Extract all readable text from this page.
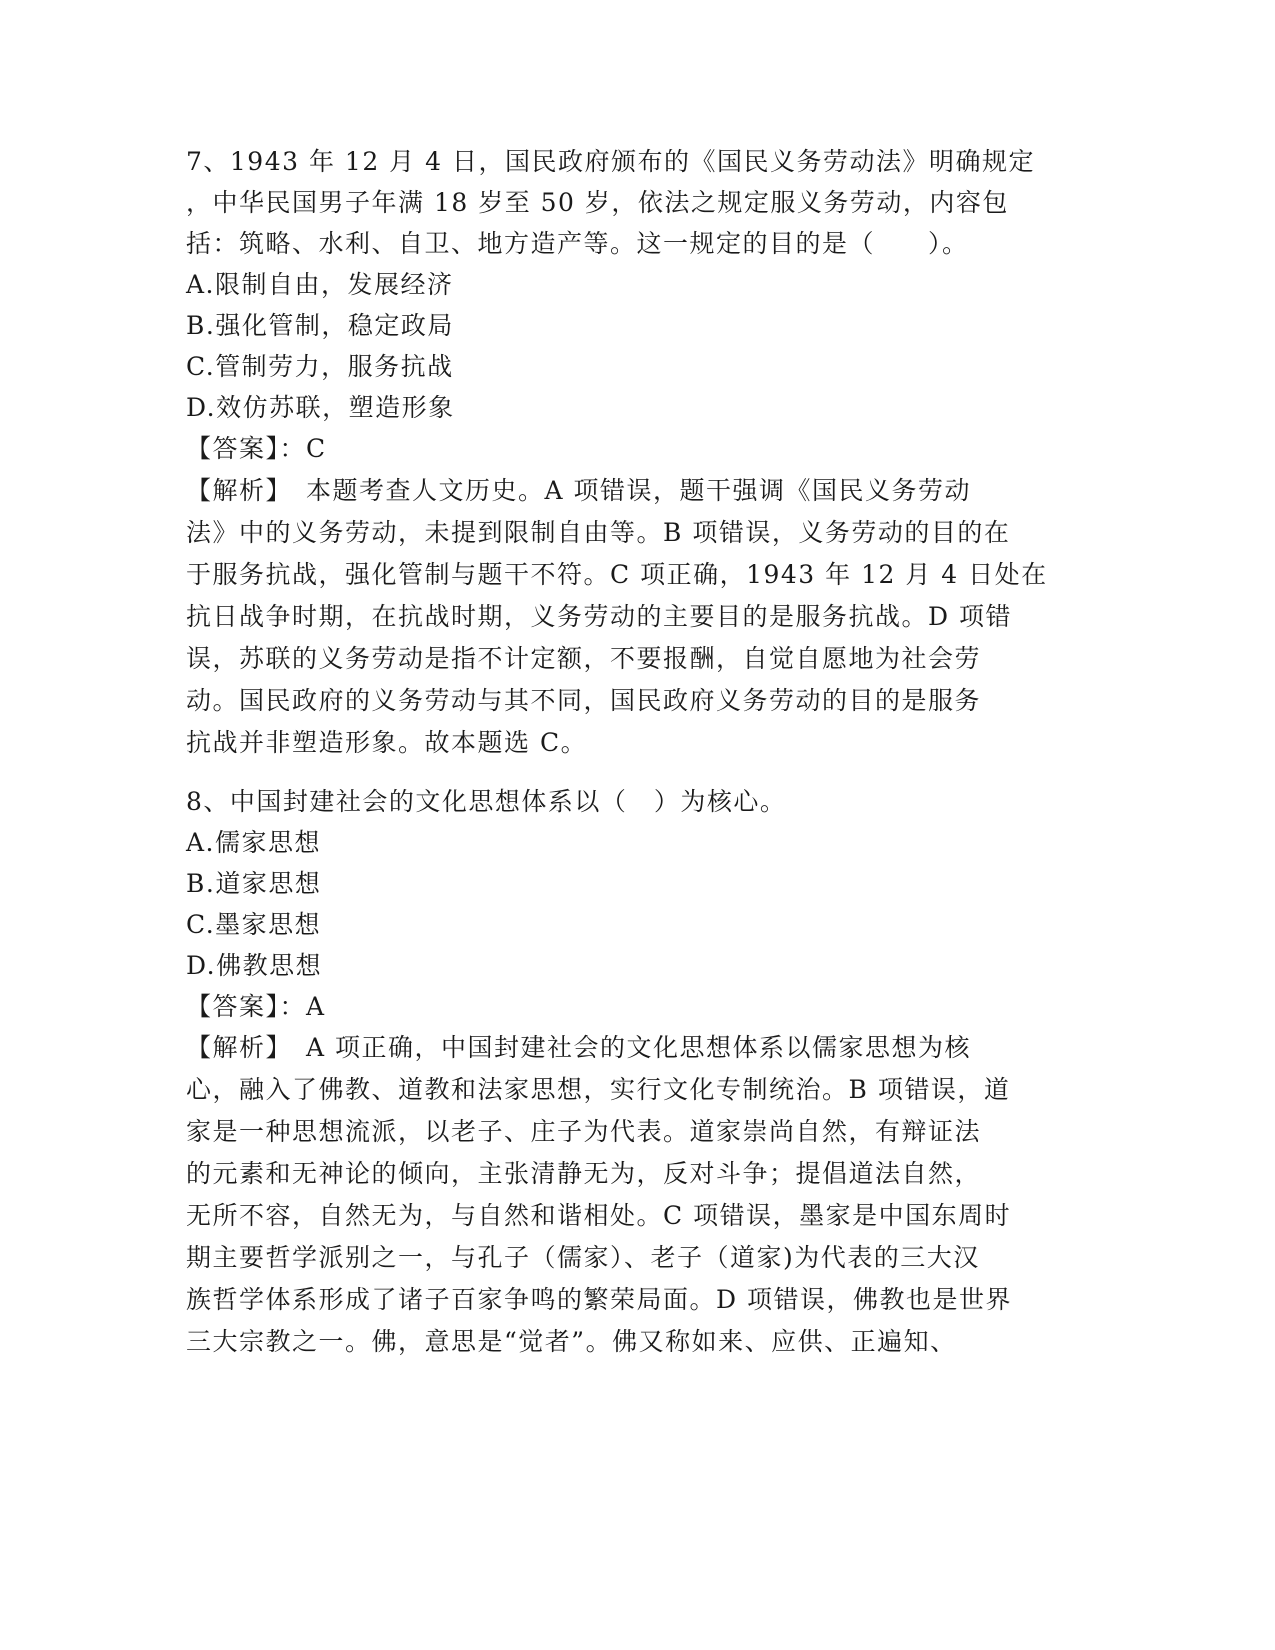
7、1943 年 12 月 4 日，国民政府颁布的《国民义务劳动法》明确规定
，中华民国男子年满 18 岁至 50 岁，依法之规定服义务劳动，内容包
括：筑略、水利、自卫、地方造产等。这一规定的目的是（　　）。
A.限制自由，发展经济
B.强化管制，稳定政局
C.管制劳力，服务抗战
D.效仿苏联，塑造形象
【答案】：C
【解析】　本题考查人文历史。A 项错误，题干强调《国民义务劳动
法》中的义务劳动，未提到限制自由等。B 项错误，义务劳动的目的在
于服务抗战，强化管制与题干不符。C 项正确，1943 年 12 月 4 日处在
抗日战争时期，在抗战时期，义务劳动的主要目的是服务抗战。D 项错
误，苏联的义务劳动是指不计定额，不要报酬，自觉自愿地为社会劳
动。国民政府的义务劳动与其不同，国民政府义务劳动的目的是服务
抗战并非塑造形象。故本题选 C。
8、中国封建社会的文化思想体系以（　）为核心。
A.儒家思想
B.道家思想
C.墨家思想
D.佛教思想
【答案】：A
【解析】　A 项正确，中国封建社会的文化思想体系以儒家思想为核
心，融入了佛教、道教和法家思想，实行文化专制统治。B 项错误，道
家是一种思想流派，以老子、庄子为代表。道家崇尚自然，有辩证法
的元素和无神论的倾向，主张清静无为，反对斗争；提倡道法自然，
无所不容，自然无为，与自然和谐相处。C 项错误，墨家是中国东周时
期主要哲学派别之一，与孔子（儒家）、老子（道家)为代表的三大汉
族哲学体系形成了诸子百家争鸣的繁荣局面。D 项错误，佛教也是世界
三大宗教之一。佛，意思是“觉者”。佛又称如来、应供、正遍知、
